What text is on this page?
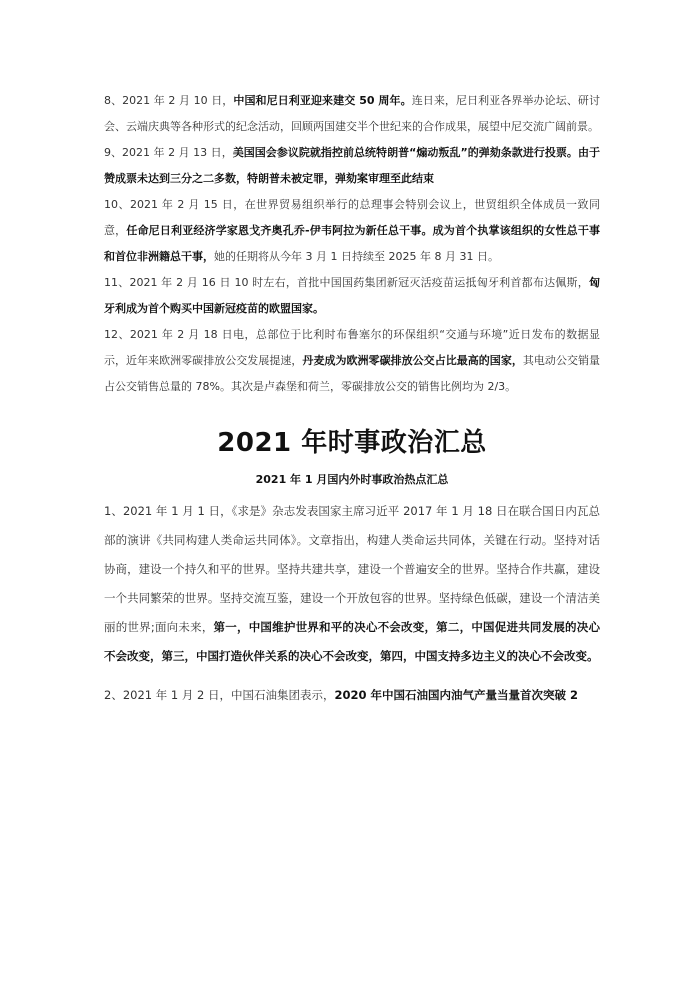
8、2021 年 2 月 10 日，中国和尼日利亚迎来建交 50 周年。连日来，尼日利亚各界举办论坛、研讨会、云端庆典等各种形式的纪念活动，回顾两国建交半个世纪来的合作成果，展望中尼交流广阔前景。

9、2021 年 2 月 13 日，美国国会参议院就指控前总统特朗普“煽动叛乱”的弹劾条款进行投票。由于赞成票未达到三分之二多数，特朗普未被定罪，弹劾案审理至此结束

10、2021 年 2 月 15 日，在世界贸易组织举行的总理事会特别会议上，世贸组织全体成员一致同意，任命尼日利亚经济学家恩戈齐奥孔乔-伊韦阿拉为新任总干事。成为首个执掌该组织的女性总干事和首位非洲籍总干事，她的任期将从今年 3 月 1 日持续至 2025 年 8 月 31 日。

11、2021 年 2 月 16 日 10 时左右，首批中国国药集团新冠灭活疫苗运抵匈牙利首都布达佩斯，匈牙利成为首个购买中国新冠疫苗的欧盟国家。

12、2021 年 2 月 18 日电，总部位于比利时布鲁塞尔的环保组织“交通与环境”近日发布的数据显示，近年来欧洲零碳排放公交发展提速，丹麦成为欧洲零碳排放公交占比最高的国家，其电动公交销量占公交销售总量的 78%。其次是卢森堡和荷兰，零碳排放公交的销售比例均为 2/3。

2021 年时事政治汇总
2021 年 1 月国内外时事政治热点汇总

1、2021 年 1 月 1 日，《求是》杂志发表国家主席习近平 2017 年 1 月 18 日在联合国日内瓦总部的演讲《共同构建人类命运共同体》。文章指出，构建人类命运共同体，关键在行动。坚持对话协商，建设一个持久和平的世界。坚持共建共享，建设一个普遍安全的世界。坚持合作共赢，建设一个共同繁荣的世界。坚持交流互鉴，建设一个开放包容的世界。坚持绿色低碳，建设一个清洁美丽的世界;面向未来，第一，中国维护世界和平的决心不会改变，第二，中国促进共同发展的决心不会改变，第三，中国打造伙伴关系的决心不会改变，第四，中国支持多边主义的决心不会改变。

2、2021 年 1 月 2 日，中国石油集团表示，2020 年中国石油国内油气产量当量首次突破 2
